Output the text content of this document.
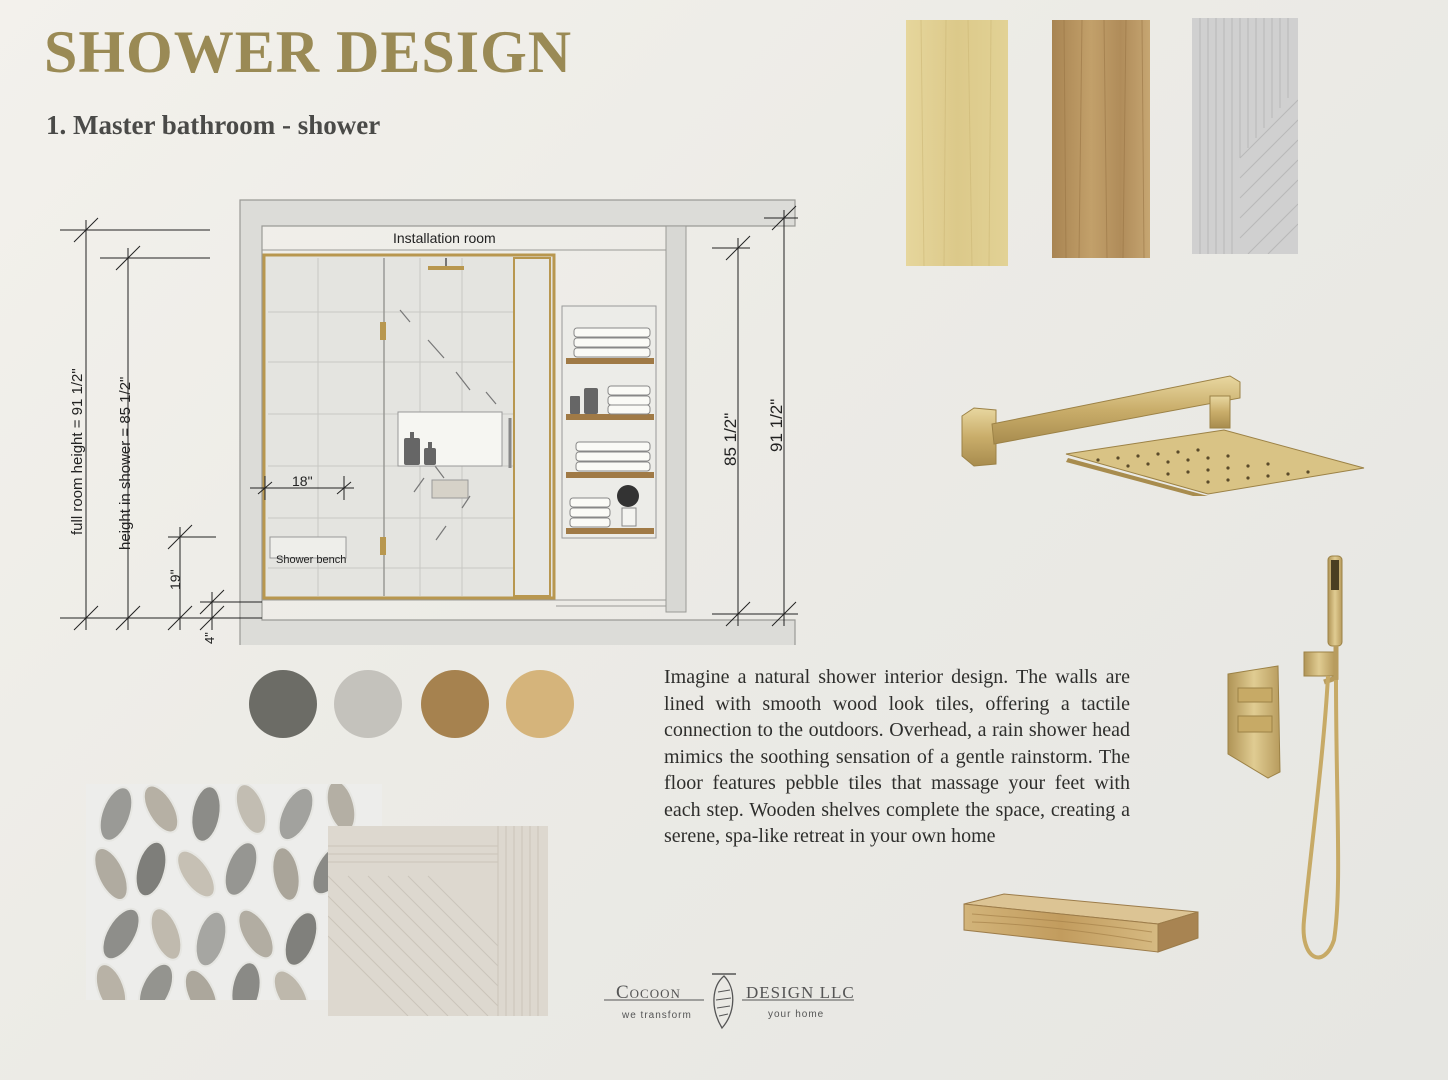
SHOWER DESIGN
1. Master bathroom - shower
Installation room
Shower bench
18"
full room height = 91 1/2" height in shower = 85 1/2"
19"
4"
85 1/2" 91 1/2"

Imagine a natural shower interior design. The walls are lined with smooth wood look tiles, offering a tactile connection to the outdoors. Overhead, a rain shower head mimics the soothing sensation of a gentle rainstorm. The floor features pebble tiles that massage your feet with each step. Wooden shelves complete the space, creating a serene, spa-like retreat in your own home

Cocoon	DESIGN LLC
we transform	your home
